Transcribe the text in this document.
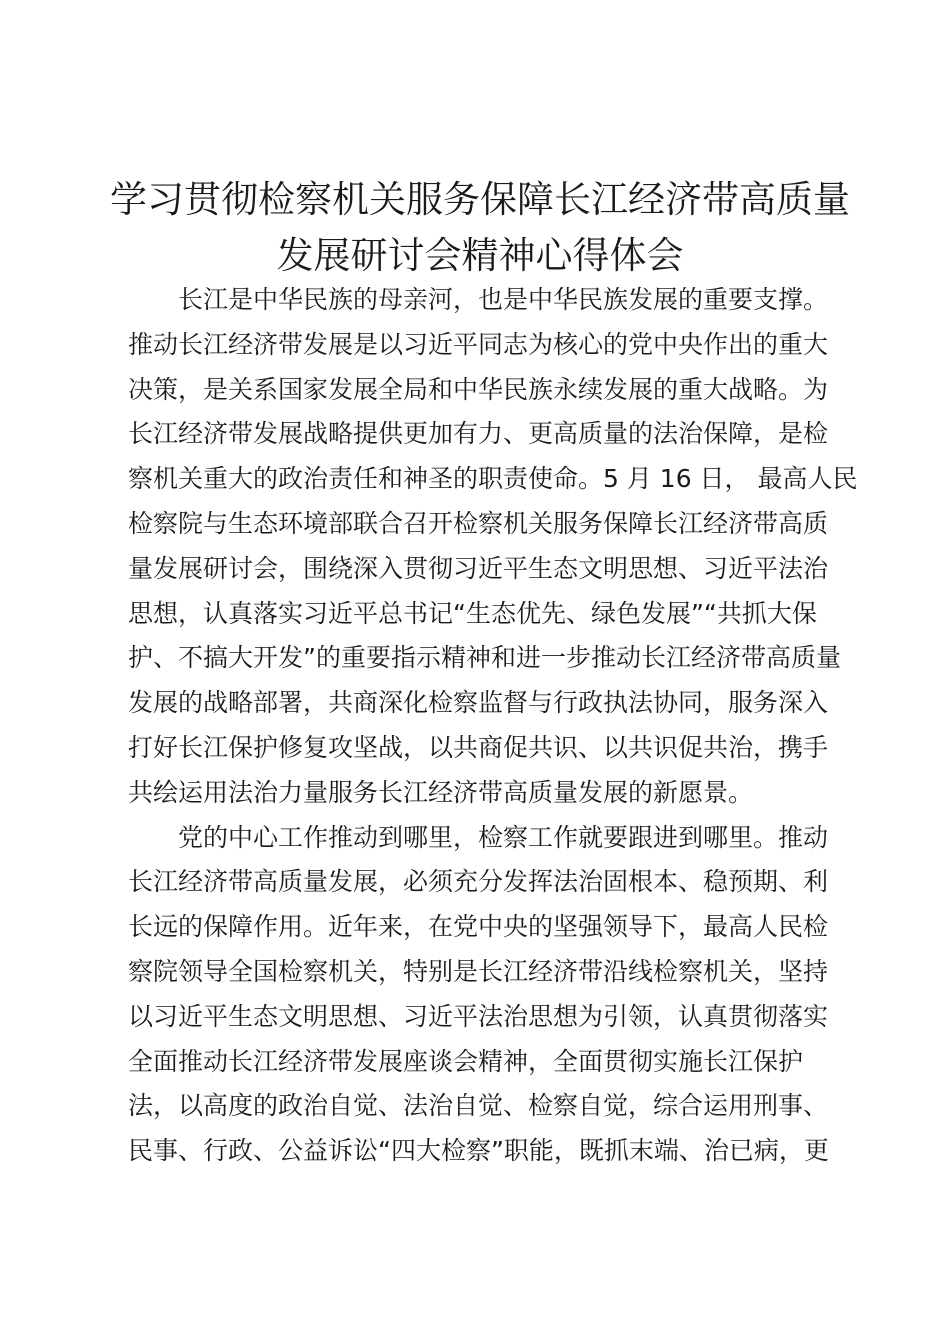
学习贯彻检察机关服务保障长江经济带高质量
发展研讨会精神心得体会

长江是中华民族的母亲河，也是中华民族发展的重要支撑。
推动长江经济带发展是以习近平同志为核心的党中央作出的重大
决策，是关系国家发展全局和中华民族永续发展的重大战略。为
长江经济带发展战略提供更加有力、更高质量的法治保障，是检
察机关重大的政治责任和神圣的职责使命。5 月 16 日， 最高人民
检察院与生态环境部联合召开检察机关服务保障长江经济带高质
量发展研讨会，围绕深入贯彻习近平生态文明思想、习近平法治
思想，认真落实习近平总书记“生态优先、绿色发展”“共抓大保
护、不搞大开发”的重要指示精神和进一步推动长江经济带高质量
发展的战略部署，共商深化检察监督与行政执法协同，服务深入
打好长江保护修复攻坚战，以共商促共识、以共识促共治，携手
共绘运用法治力量服务长江经济带高质量发展的新愿景。

党的中心工作推动到哪里，检察工作就要跟进到哪里。推动
长江经济带高质量发展，必须充分发挥法治固根本、稳预期、利
长远的保障作用。近年来，在党中央的坚强领导下，最高人民检
察院领导全国检察机关，特别是长江经济带沿线检察机关，坚持
以习近平生态文明思想、习近平法治思想为引领，认真贯彻落实
全面推动长江经济带发展座谈会精神，全面贯彻实施长江保护
法，以高度的政治自觉、法治自觉、检察自觉，综合运用刑事、
民事、行政、公益诉讼“四大检察”职能，既抓末端、治已病，更
